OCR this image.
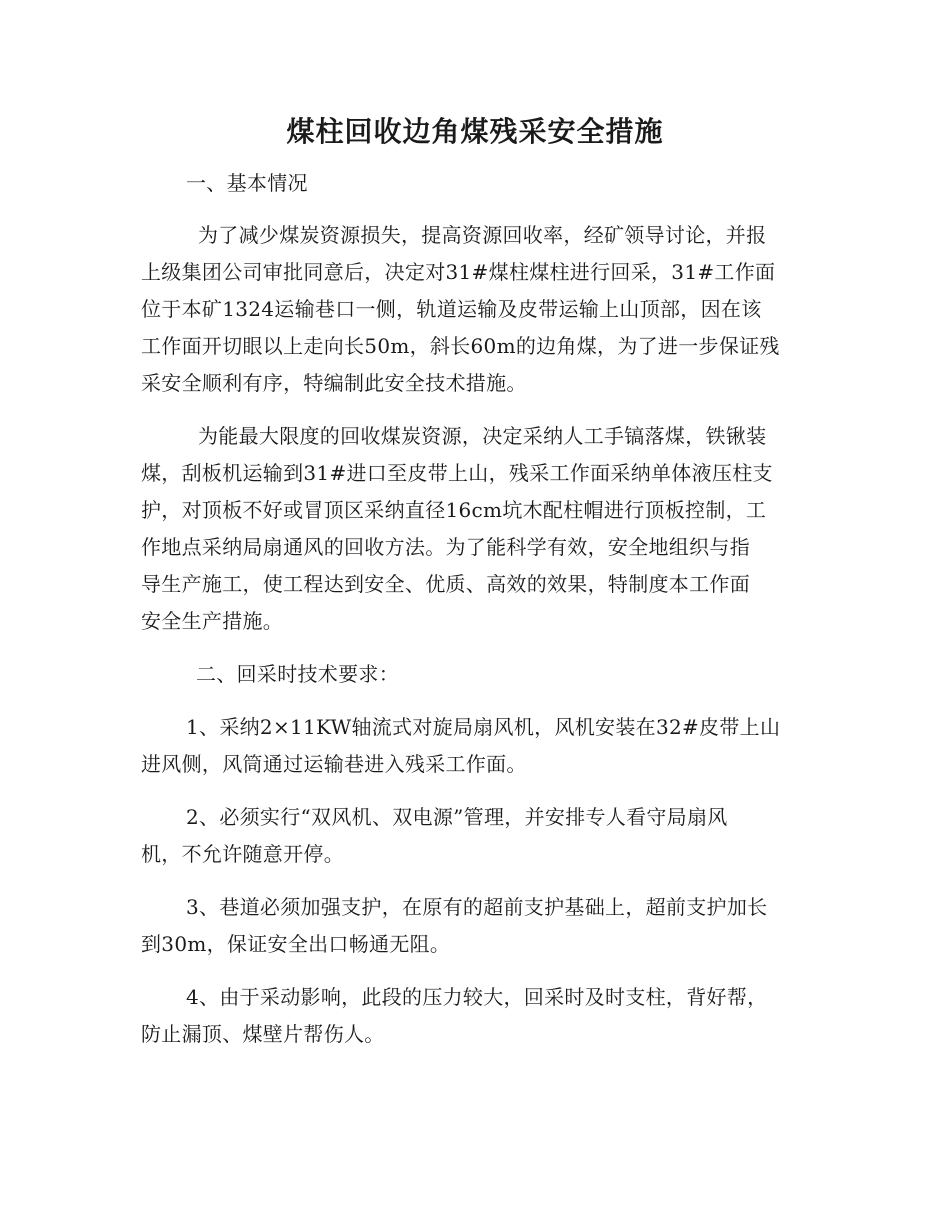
煤柱回收边角煤残采安全措施
一、基本情况
为了减少煤炭资源损失，提高资源回收率，经矿领导讨论，并报
上级集团公司审批同意后，决定对31#煤柱煤柱进行回采，31#工作面
位于本矿1324运输巷口一侧，轨道运输及皮带运输上山顶部，因在该
工作面开切眼以上走向长50m，斜长60m的边角煤，为了进一步保证残
采安全顺利有序，特编制此安全技术措施。
为能最大限度的回收煤炭资源，决定采纳人工手镐落煤，铁锹装
煤，刮板机运输到31#进口至皮带上山，残采工作面采纳单体液压柱支
护，对顶板不好或冒顶区采纳直径16cm坑木配柱帽进行顶板控制，工
作地点采纳局扇通风的回收方法。为了能科学有效，安全地组织与指
导生产施工，使工程达到安全、优质、高效的效果，特制度本工作面
安全生产措施。
二、回采时技术要求：
1、采纳2×11KW轴流式对旋局扇风机，风机安装在32#皮带上山
进风侧，风筒通过运输巷进入残采工作面。
2、必须实行“双风机、双电源”管理，并安排专人看守局扇风
机，不允许随意开停。
3、巷道必须加强支护，在原有的超前支护基础上，超前支护加长
到30m，保证安全出口畅通无阻。
4、由于采动影响，此段的压力较大，回采时及时支柱，背好帮，
防止漏顶、煤壁片帮伤人。
